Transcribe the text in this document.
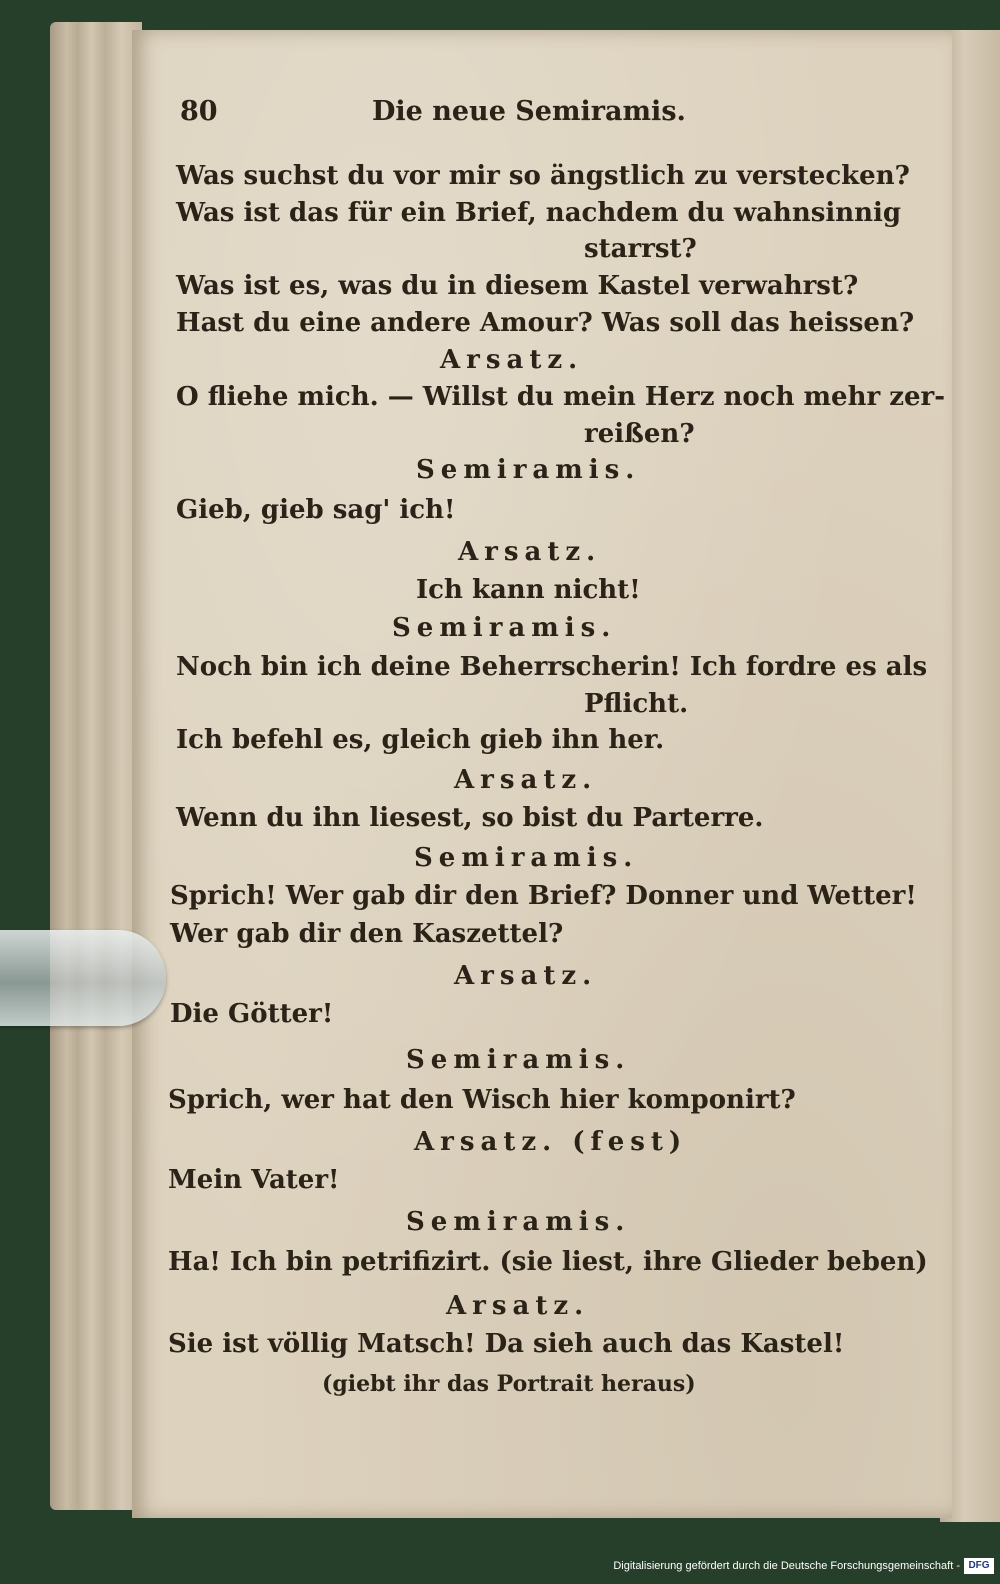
80	Die neue Semiramis.
Was suchst du vor mir so ängstlich zu verstecken?
Was ist das für ein Brief, nachdem du wahnsinnig
starrst?
Was ist es, was du in diesem Kastel verwahrst?
Hast du eine andere Amour? Was soll das heissen?
Arsatz.
O fliehe mich. — Willst du mein Herz noch mehr zer-
reißen?
Semiramis.
Gieb, gieb sag' ich!
Arsatz.
Ich kann nicht!
Semiramis.
Noch bin ich deine Beherrscherin! Ich fordre es als
Pflicht.
Ich befehl es, gleich gieb ihn her.
Arsatz.
Wenn du ihn liesest, so bist du Parterre.
Semiramis.
Sprich! Wer gab dir den Brief? Donner und Wetter!
Wer gab dir den Kaszettel?
Arsatz.
Die Götter!
Semiramis.
Sprich, wer hat den Wisch hier komponirt?
Arsatz. (fest)
Mein Vater!
Semiramis.
Ha! Ich bin petrifizirt. (sie liest, ihre Glieder beben)
Arsatz.
Sie ist völlig Matsch! Da sieh auch das Kastel!
(giebt ihr das Portrait heraus)
Digitalisierung gefördert durch die Deutsche Forschungsgemeinschaft - DFG
